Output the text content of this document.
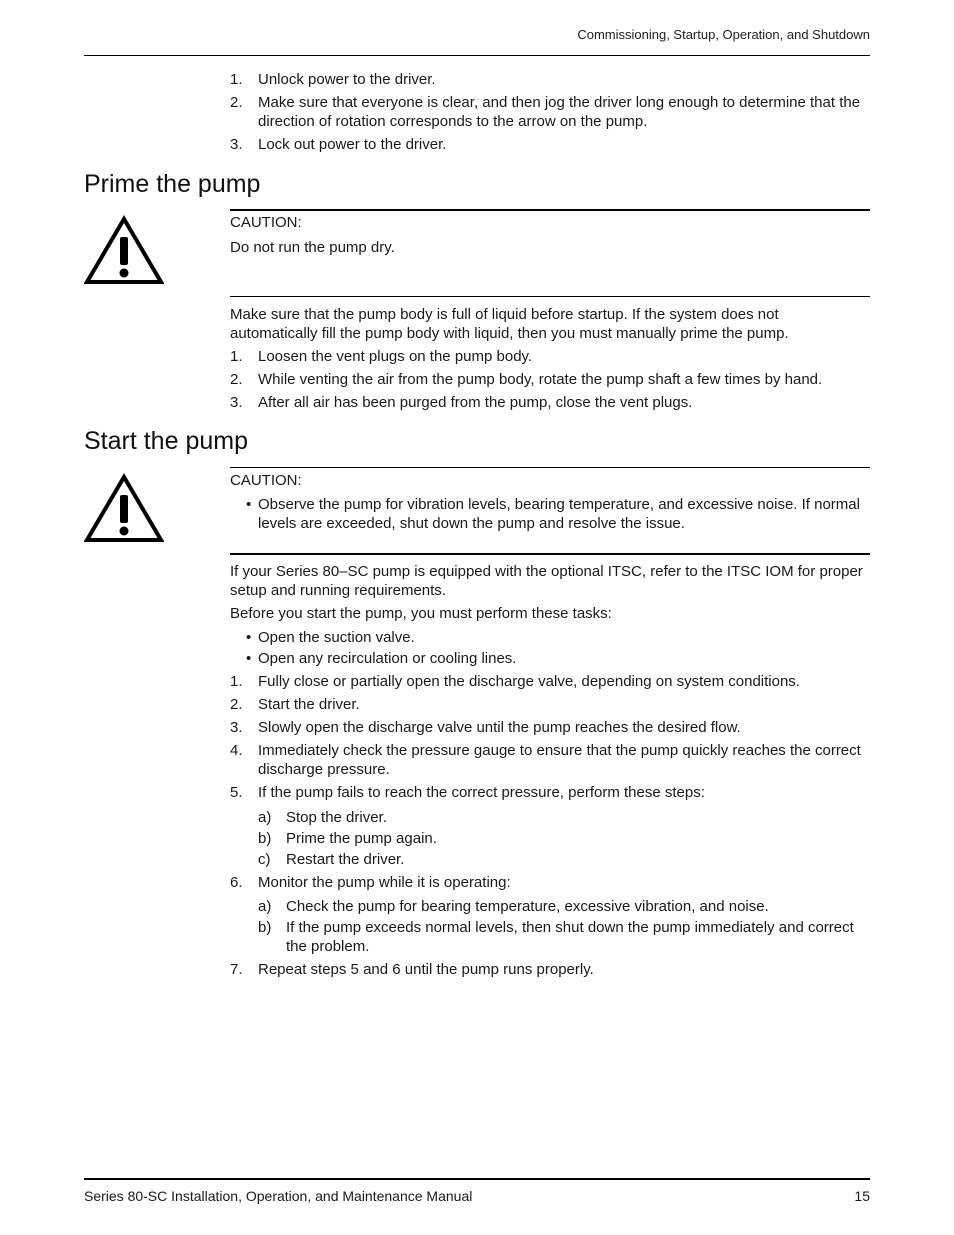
Commissioning, Startup, Operation, and Shutdown
1. Unlock power to the driver.
2. Make sure that everyone is clear, and then jog the driver long enough to determine that the direction of rotation corresponds to the arrow on the pump.
3. Lock out power to the driver.
Prime the pump
CAUTION:
Do not run the pump dry.
Make sure that the pump body is full of liquid before startup. If the system does not automatically fill the pump body with liquid, then you must manually prime the pump.
1. Loosen the vent plugs on the pump body.
2. While venting the air from the pump body, rotate the pump shaft a few times by hand.
3. After all air has been purged from the pump, close the vent plugs.
Start the pump
CAUTION:
• Observe the pump for vibration levels, bearing temperature, and excessive noise. If normal levels are exceeded, shut down the pump and resolve the issue.
If your Series 80–SC pump is equipped with the optional ITSC, refer to the ITSC IOM for proper setup and running requirements.
Before you start the pump, you must perform these tasks:
• Open the suction valve.
• Open any recirculation or cooling lines.
1. Fully close or partially open the discharge valve, depending on system conditions.
2. Start the driver.
3. Slowly open the discharge valve until the pump reaches the desired flow.
4. Immediately check the pressure gauge to ensure that the pump quickly reaches the correct discharge pressure.
5. If the pump fails to reach the correct pressure, perform these steps:
a) Stop the driver.
b) Prime the pump again.
c) Restart the driver.
6. Monitor the pump while it is operating:
a) Check the pump for bearing temperature, excessive vibration, and noise.
b) If the pump exceeds normal levels, then shut down the pump immediately and correct the problem.
7. Repeat steps 5 and 6 until the pump runs properly.
Series 80-SC Installation, Operation, and Maintenance Manual	15
